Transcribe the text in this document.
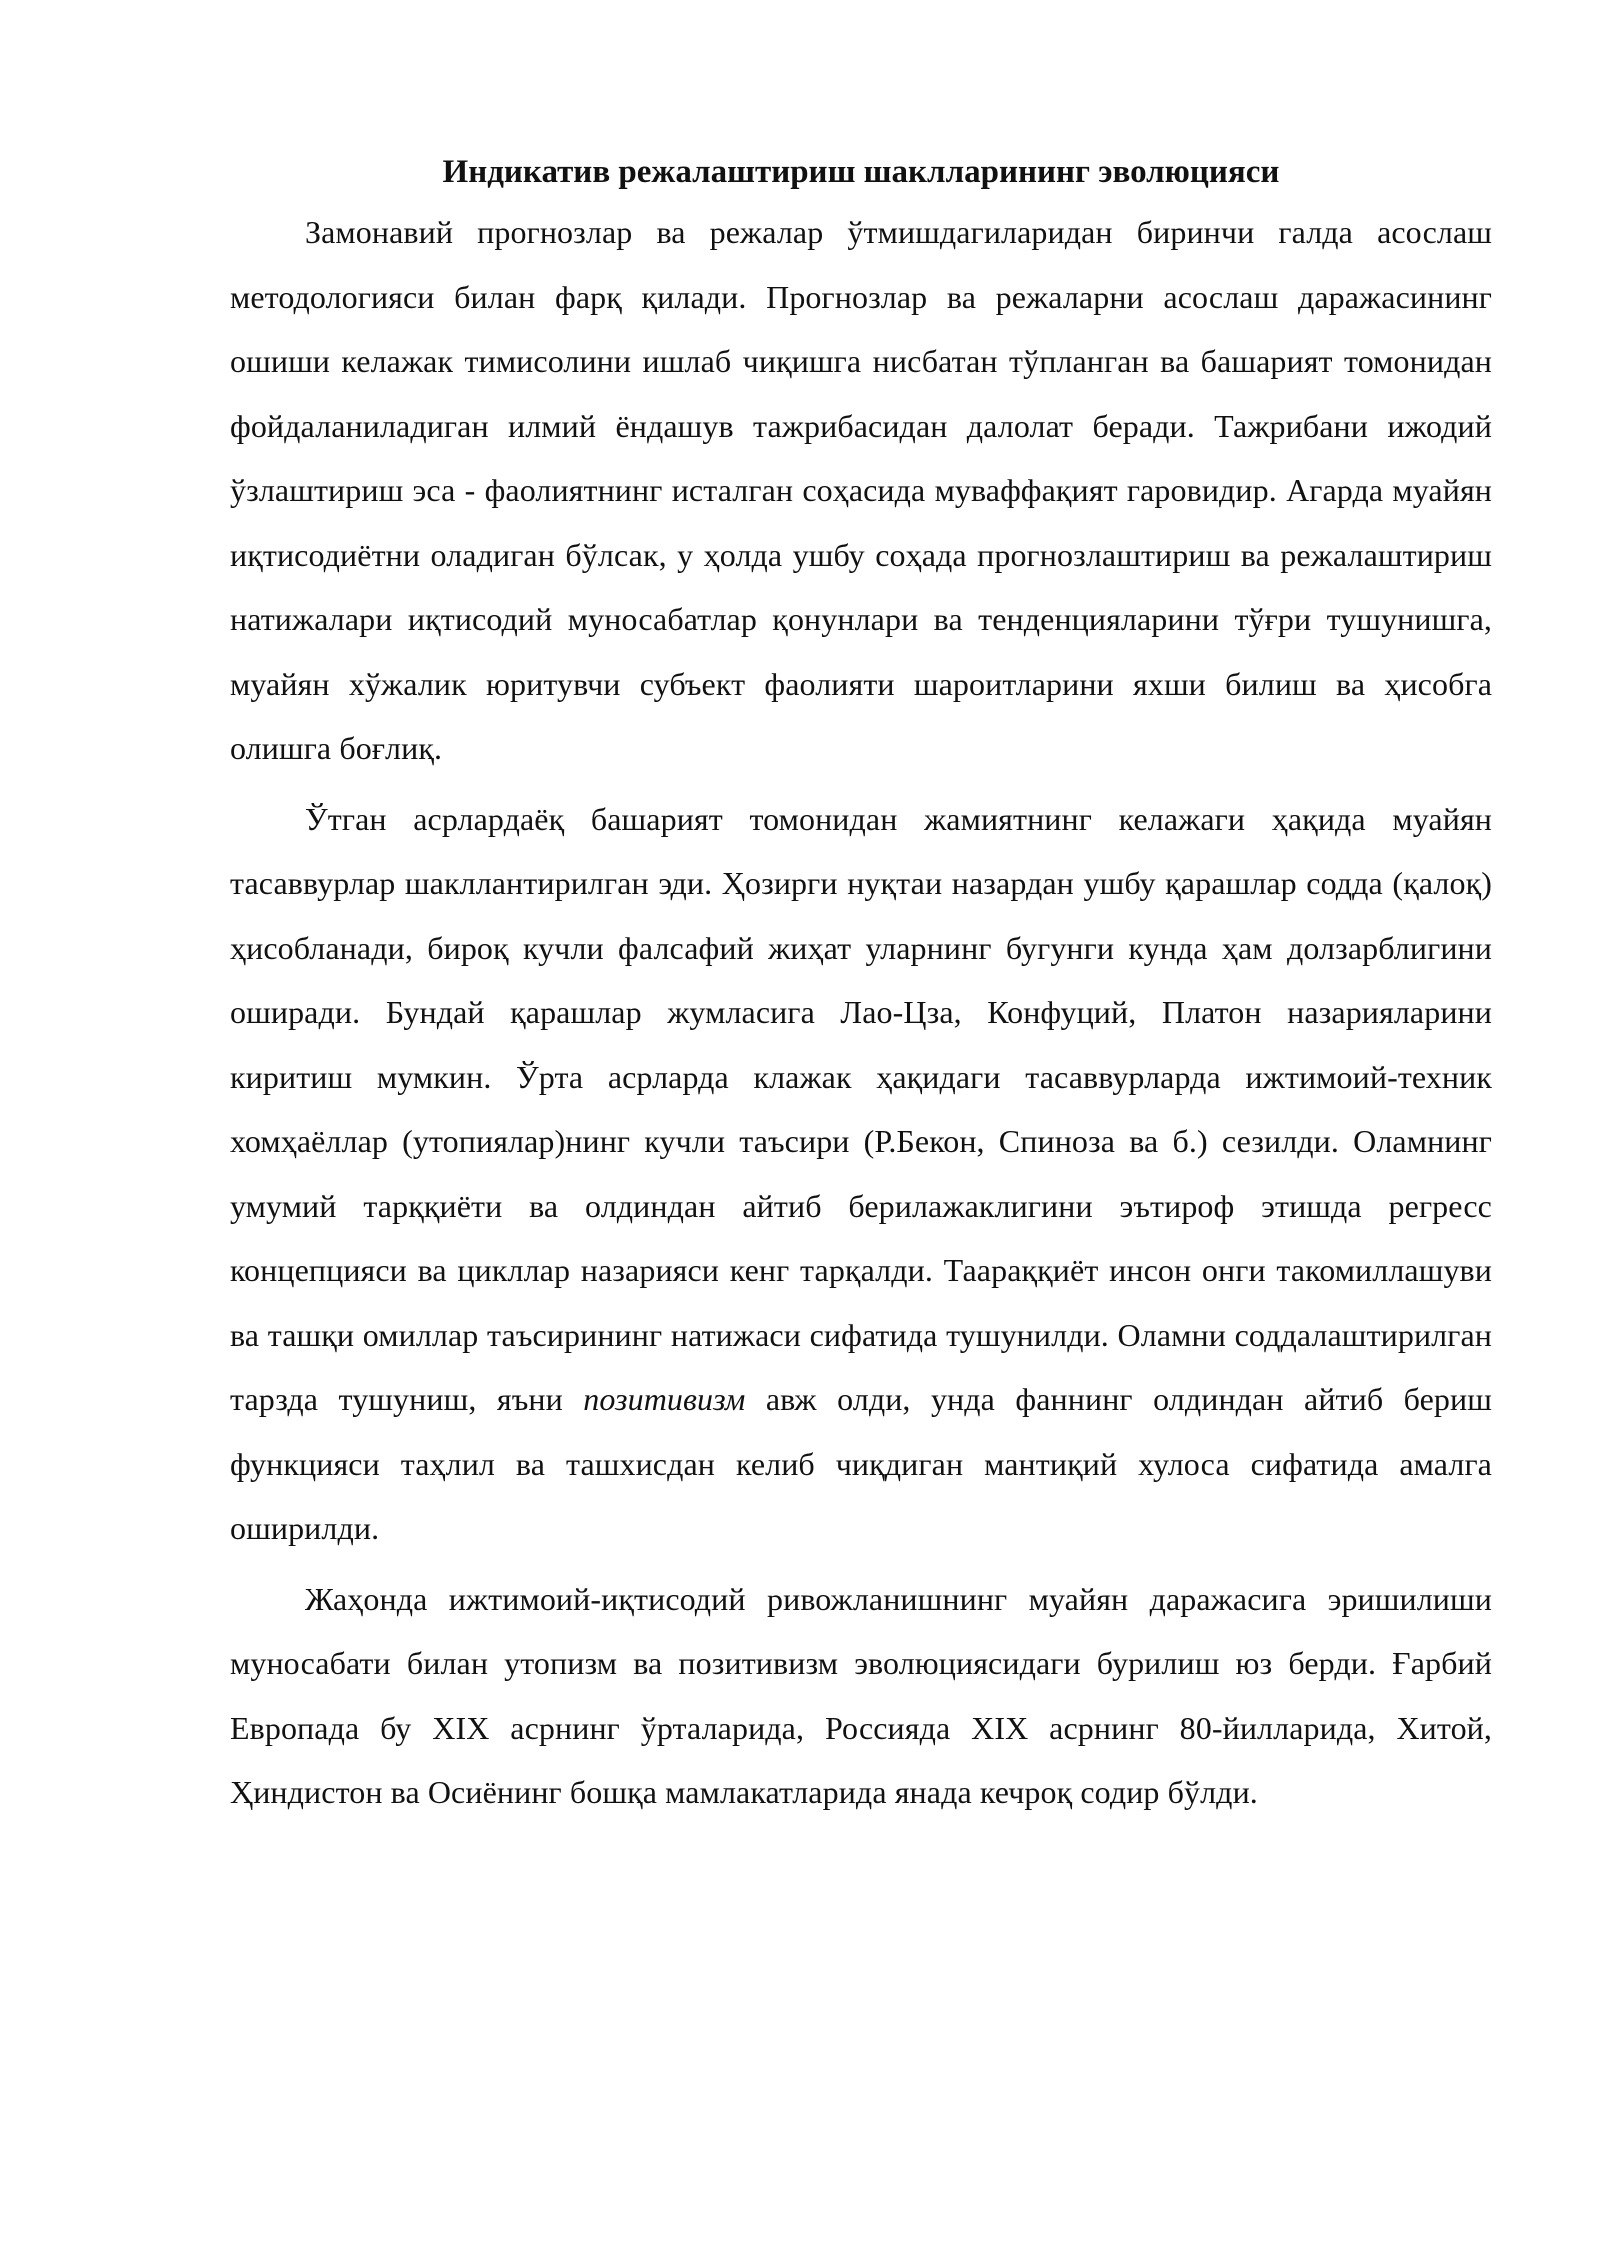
Индикатив режалаштириш шаклларининг эволюцияси

Замонавий прогнозлар ва режалар ўтмишдагиларидан биринчи галда асослаш методологияси билан фарқ қилади. Прогнозлар ва режаларни асослаш даражасининг ошиши келажак тимисолини ишлаб чиқишга нисбатан тўпланган ва башарият томонидан фойдаланиладиган илмий ёндашув тажрибасидан далолат беради. Тажрибани ижодий ўзлаштириш эса - фаолиятнинг исталган соҳасида муваффақият гаровидир. Агарда муайян иқтисодиётни оладиган бўлсак, у ҳолда ушбу соҳада прогнозлаштириш ва режалаштириш натижалари иқтисодий муносабатлар қонунлари ва тенденцияларини тўғри тушунишга, муайян хўжалик юритувчи субъект фаолияти шароитларини яхши билиш ва ҳисобга олишга боғлиқ.

Ўтган асрлардаёқ башарият томонидан жамиятнинг келажаги ҳақида муайян тасаввурлар шакллантирилган эди. Ҳозирги нуқтаи назардан ушбу қарашлар содда (қалоқ) ҳисобланади, бироқ кучли фалсафий жиҳат уларнинг бугунги кунда ҳам долзарблигини оширади. Бундай қарашлар жумласига Лао-Цза, Конфуций, Платон назарияларини киритиш мумкин. Ўрта асрларда клажак ҳақидаги тасаввурларда ижтимоий-техник хомҳаёллар (утопиялар)нинг кучли таъсири (Р.Бекон, Спиноза ва б.) сезилди. Оламнинг умумий тарққиёти ва олдиндан айтиб берилажаклигини эътироф этишда регресс концепцияси ва цикллар назарияси кенг тарқалди. Таараққиёт инсон онги такомиллашуви ва ташқи омиллар таъсирининг натижаси сифатида тушунилди. Оламни соддалаштирилган тарзда тушуниш, яъни позитивизм авж олди, унда фаннинг олдиндан айтиб бериш функцияси таҳлил ва ташхисдан келиб чиқдиган мантиқий хулоса сифатида амалга оширилди.

Жаҳонда ижтимоий-иқтисодий ривожланишнинг муайян даражасига эришилиши муносабати билан утопизм ва позитивизм эволюциясидаги бурилиш юз берди. Ғарбий Европада бу XIX асрнинг ўрталарида, Россияда XIX асрнинг 80-йилларида, Хитой, Ҳиндистон ва Осиёнинг бошқа мамлакатларида янада кечроқ содир бўлди.
